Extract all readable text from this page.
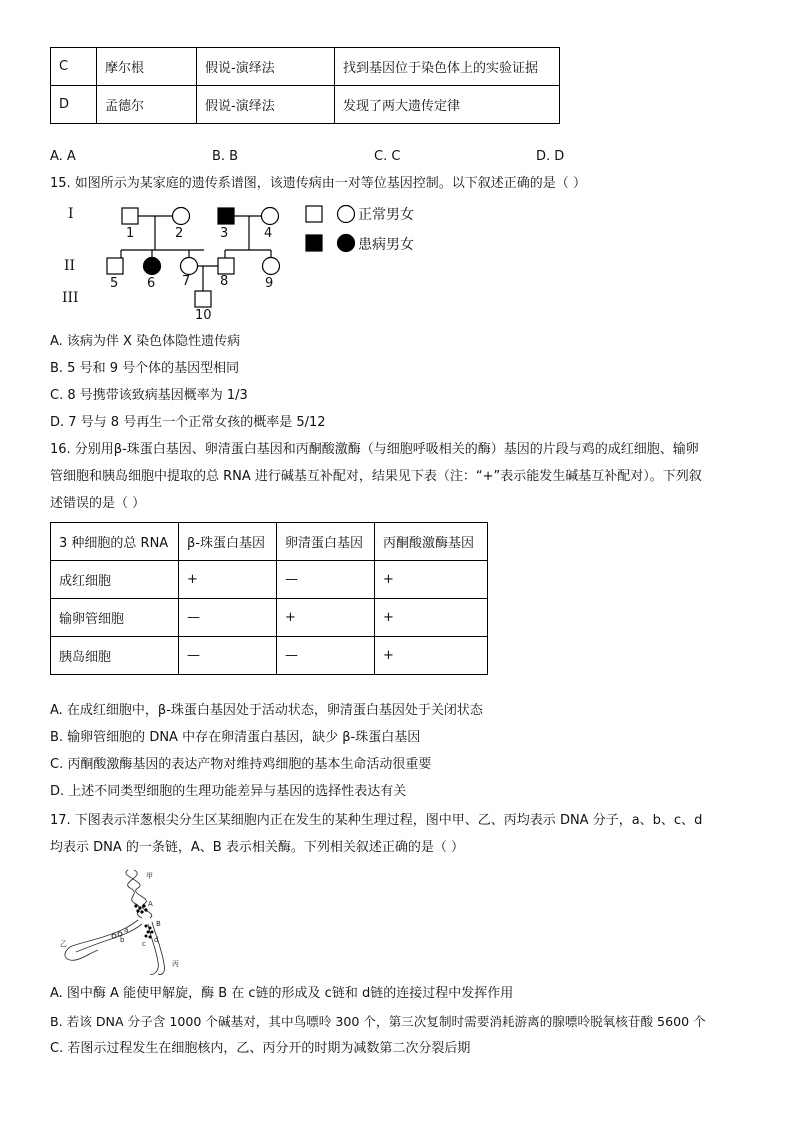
C	摩尔根	假说-演绎法	找到基因位于染色体上的实验证据
D	孟德尔	假说-演绎法	发现了两大遗传定律
A. A	B. B	C. C	D. D
15. 如图所示为某家庭的遗传系谱图，该遗传病由一对等位基因控制。以下叙述正确的是（ ）
I
II
III
1	2	3	4
5 6 7 8	9
10
正常男女
患病男女
A. 该病为伴 X 染色体隐性遗传病
B. 5 号和 9 号个体的基因型相同
C. 8 号携带该致病基因概率为 1/3
D. 7 号与 8 号再生一个正常女孩的概率是 5/12
16. 分别用β-珠蛋白基因、卵清蛋白基因和丙酮酸激酶（与细胞呼吸相关的酶）基因的片段与鸡的成红细胞、输卵
管细胞和胰岛细胞中提取的总 RNA 进行碱基互补配对，结果见下表（注：“+”表示能发生碱基互补配对）。下列叙
述错误的是（ ）
3 种细胞的总 RNA	β-珠蛋白基因	卵清蛋白基因	丙酮酸激酶基因
成红细胞	+	—	+
输卵管细胞	—	+	+
胰岛细胞	—	—	+
A. 在成红细胞中，β-珠蛋白基因处于活动状态，卵清蛋白基因处于关闭状态
B. 输卵管细胞的 DNA 中存在卵清蛋白基因，缺少 β-珠蛋白基因
C. 丙酮酸激酶基因的表达产物对维持鸡细胞的基本生命活动很重要
D. 上述不同类型细胞的生理功能差异与基因的选择性表达有关
17. 下图表示洋葱根尖分生区某细胞内正在发生的某种生理过程，图中甲、乙、丙均表示 DNA 分子，a、b、c、d
均表示 DNA 的一条链，A、B 表示相关酶。下列相关叙述正确的是（ ）
甲
A
B
a
b	c d
乙
丙
A. 图中酶 A 能使甲解旋，酶 B 在 c链的形成及 c链和 d链的连接过程中发挥作用
B. 若该 DNA 分子含 1000 个碱基对，其中鸟嘌呤 300 个，第三次复制时需要消耗游离的腺嘌呤脱氧核苷酸 5600 个
C. 若图示过程发生在细胞核内，乙、丙分开的时期为减数第二次分裂后期
